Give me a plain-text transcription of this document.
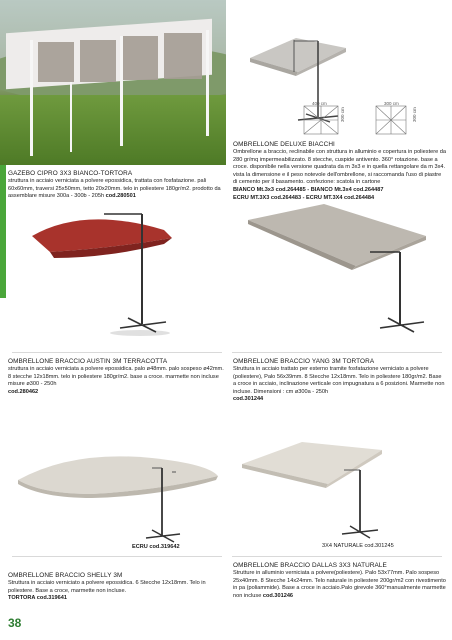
GAZEBO CIPRO 3X3 BIANCO-TORTORA

struttura in acciaio verniciata a polvere epossidica, trattata con fosfatazione. pali 60x60mm, traversi 25x50mm, tetto 20x20mm. telo in poliestere 180gr/m2. prodotto da assemblare misure 300a - 300b - 205h cod.280501

400 cm
300 cm
300 cm
300 cm

OMBRELLONE DELUXE BIACCHI

Ombrellone a braccio, reclinabile con struttura in alluminio e copertura in poliestere da 280 gr/mq impermeabilizzato. 8 stecche, cuspide antivento. 360° rotazione. base a croce. disponibile nella versione quadrata da m 3x3 e in quella rettangolare da m 3x4. vista la dimensione e il peso notevole dell'ombrellone, si raccomanda l'uso di piastre di cemento per il basamento. confezione: scatola in cartone

BIANCO Mt.3x3 cod.264485 - BIANCO Mt.3x4 cod.264487

ECRU MT.3X3 cod.264483 - ECRU MT.3X4 cod.264484

OMBRELLONE BRACCIO AUSTIN 3M TERRACOTTA

struttura in acciaio verniciata a polvere epossidica. palo ø48mm. palo sospeso ø42mm. 8 stecche 12x18mm. telo in poliestere 180gr/m2. base a croce. marmette non incluse misure ø300 - 250h

cod.280462

OMBRELLONE BRACCIO YANG 3M TORTORA

Struttura in acciaio trattato per esterno tramite fosfatazione verniciato a polvere (poliestere), Palo 56x39mm. 8 Stecche 12x18mm. Telo in poliestere 180gr/m2. Base a croce in acciaio, inclinazione verticale con impugnatura a 6 posizioni. Marmette non incluse. Dimensioni : cm ø300a - 250h

cod.301244

ECRU cod.319642	3X4 NATURALE cod.301245

OMBRELLONE BRACCIO SHELLY 3M

Struttura in acciaio verniciato a polvere epossidica. 6 Stecche 12x18mm. Telo in poliestere. Base a croce, marmette non incluse.

TORTORA cod.319641

OMBRELLONE BRACCIO DALLAS 3X3 NATURALE

Strutture in alluminio verniciata a polvere(poliestere). Palo 53x77mm. Palo sospeso 25x40mm. 8 Stecche 14x24mm. Telo naturale in poliestere 200gr/m2 con rivestimento in pa (poliammide). Base a croce in acciaio.Palo girevole 360°manualmente marmette non incluse cod.301246

38
